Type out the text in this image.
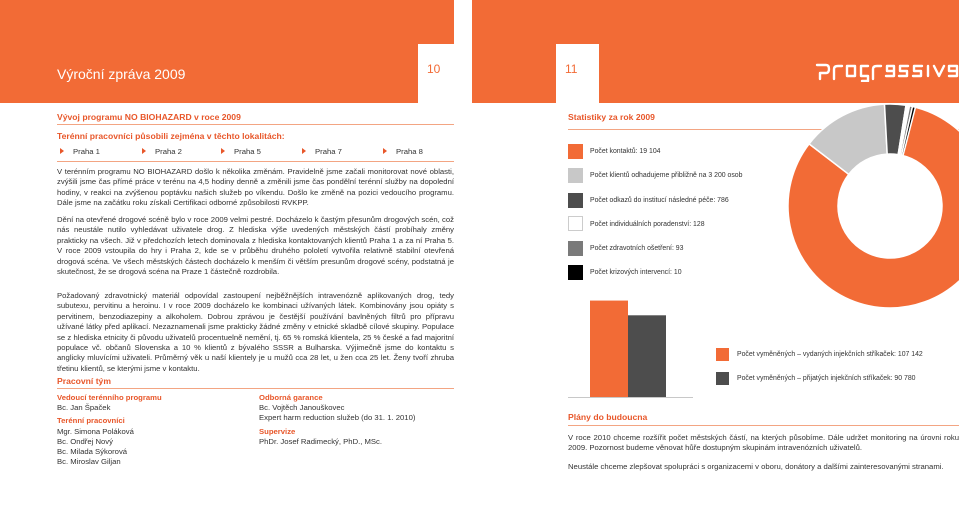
Výroční zpráva 2009	10	11
Vývoj programu NO BIOHAZARD v roce 2009
Terénní pracovníci působili zejména v těchto lokalitách:
Praha 1	Praha 2	Praha 5	Praha 7	Praha 8
V terénním programu NO BIOHAZARD došlo k několika změnám. Pravidelně jsme začali monitorovat nové oblasti, zvýšili jsme čas přímé práce v terénu na 4,5 hodiny denně a změnili jsme čas pondělní terénní služby na dopolední hodiny, v reakci na zvýšenou poptávku našich služeb po víkendu. Došlo ke změně na pozici vedoucího programu. Dále jsme na začátku roku získali Certifikaci odborné způsobilosti RVKPP.
Dění na otevřené drogové scéně bylo v roce 2009 velmi pestré. Docházelo k častým přesunům drogových scén, což nás neustále nutilo vyhledávat uživatele drog. Z hlediska výše uvedených městských částí probíhaly změny prakticky na všech. Již v předchozích letech dominovala z hlediska kontaktovaných klientů Praha 1 a za ní Praha 5. V roce 2009 vstoupila do hry i Praha 2, kde se v průběhu druhého pololetí vytvořila relativně stabilní otevřená drogová scéna. Ve všech městských částech docházelo k menším či větším presunům drogové scény, podstatná je skutečnost, že se drogová scéna na Praze 1 částečně rozdrobila.
Požadovaný zdravotnický materiál odpovídal zastoupení nejběžnějších intravenózně aplikovaných drog, tedy subutexu, pervitinu a heroinu. I v roce 2009 docházelo ke kombinaci užívaných látek. Kombinovány jsou opiáty s pervitinem, benzodiazepiny a alkoholem. Dobrou zprávou je čestější používání bavlněných filtrů pro přípravu užívané látky před aplikací. Nezaznamenali jsme prakticky žádné změny v etnické skladbě cílové skupiny. Populace se z hlediska etnicity či původu uživatelů procentuelně nemění, tj. 65 % romská klientela, 25 % české a fad majoritní populace vč. občanů Slovenska a 10 % klientů z bývalého SSSR a Bulharska. Výjimečně jsme do kontaktu s anglicky mluvícími uživateli. Průměrný věk u naší klientely je u mužů cca 28 let, u žen cca 25 let. Ženy tvoří zhruba třetinu klientů, se kterými jsme v kontaktu.
Pracovní tým
Vedoucí terénního programu
Bc. Jan Špaček
Terénní pracovníci
Mgr. Simona Poláková
Bc. Ondřej Nový
Bc. Milada Sýkorová
Bc. Miroslav Giljan
Odborná garance
Bc. Vojtěch Janouškovec
Expert harm reduction služeb (do 31. 1. 2010)
Supervize
PhDr. Josef Radimecký, PhD., MSc.
Statistiky za rok 2009
Počet kontaktů: 19 104
Počet klientů odhadujeme přibližně na 3 200 osob
Počet odkazů do institucí následné péče: 786
Počet individuálních poradenství: 128
Počet zdravotních ošetření: 93
Počet krizových intervencí: 10
Počet vyměněných – vydaných injekčních stříkaček: 107 142
Počet vyměněných – přijatých injekčních stříkaček: 90 780
Plány do budoucna
V roce 2010 chceme rozšířit počet městských částí, na kterých působíme. Dále udržet monitoring na úrovni roku 2009. Pozornost budeme věnovat hůře dostupným skupinám intravenózních uživatelů.
Neustále chceme zlepšovat spolupráci s organizacemi v oboru, donátory a dalšími zainteresovanými stranami.
